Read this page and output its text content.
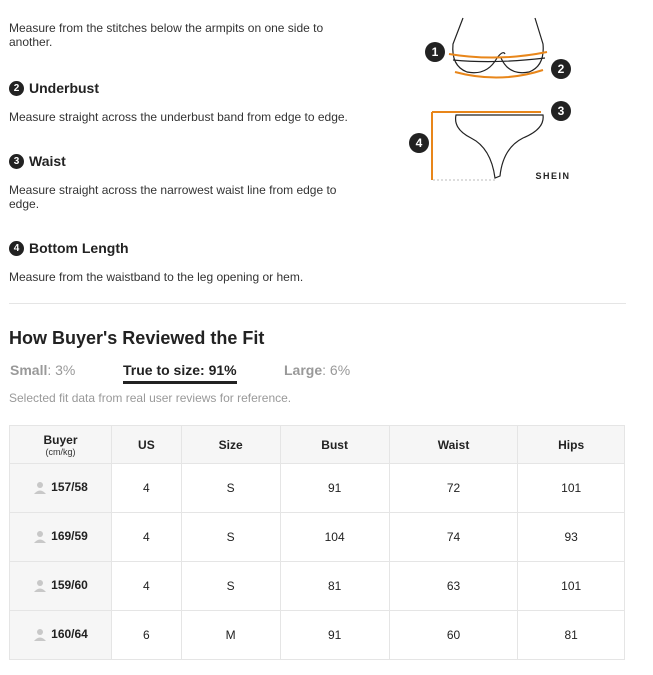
Measure from the stitches below the armpits on one side to another.
2 Underbust
Measure straight across the underbust band from edge to edge.
3 Waist
Measure straight across the narrowest waist line from edge to edge.
4 Bottom Length
Measure from the waistband to the leg opening or hem.
1
2
3
4
SHEIN
How Buyer's Reviewed the Fit
Small: 3%	True to size: 91%	Large: 6%
Selected fit data from real user reviews for reference.
Buyer
(cm/kg)	US	Size	Bust	Waist	Hips

157/58	4	S	91	72	101

169/59	4	S	104	74	93

159/60	4	S	81	63	101

160/64	6	M	91	60	81
